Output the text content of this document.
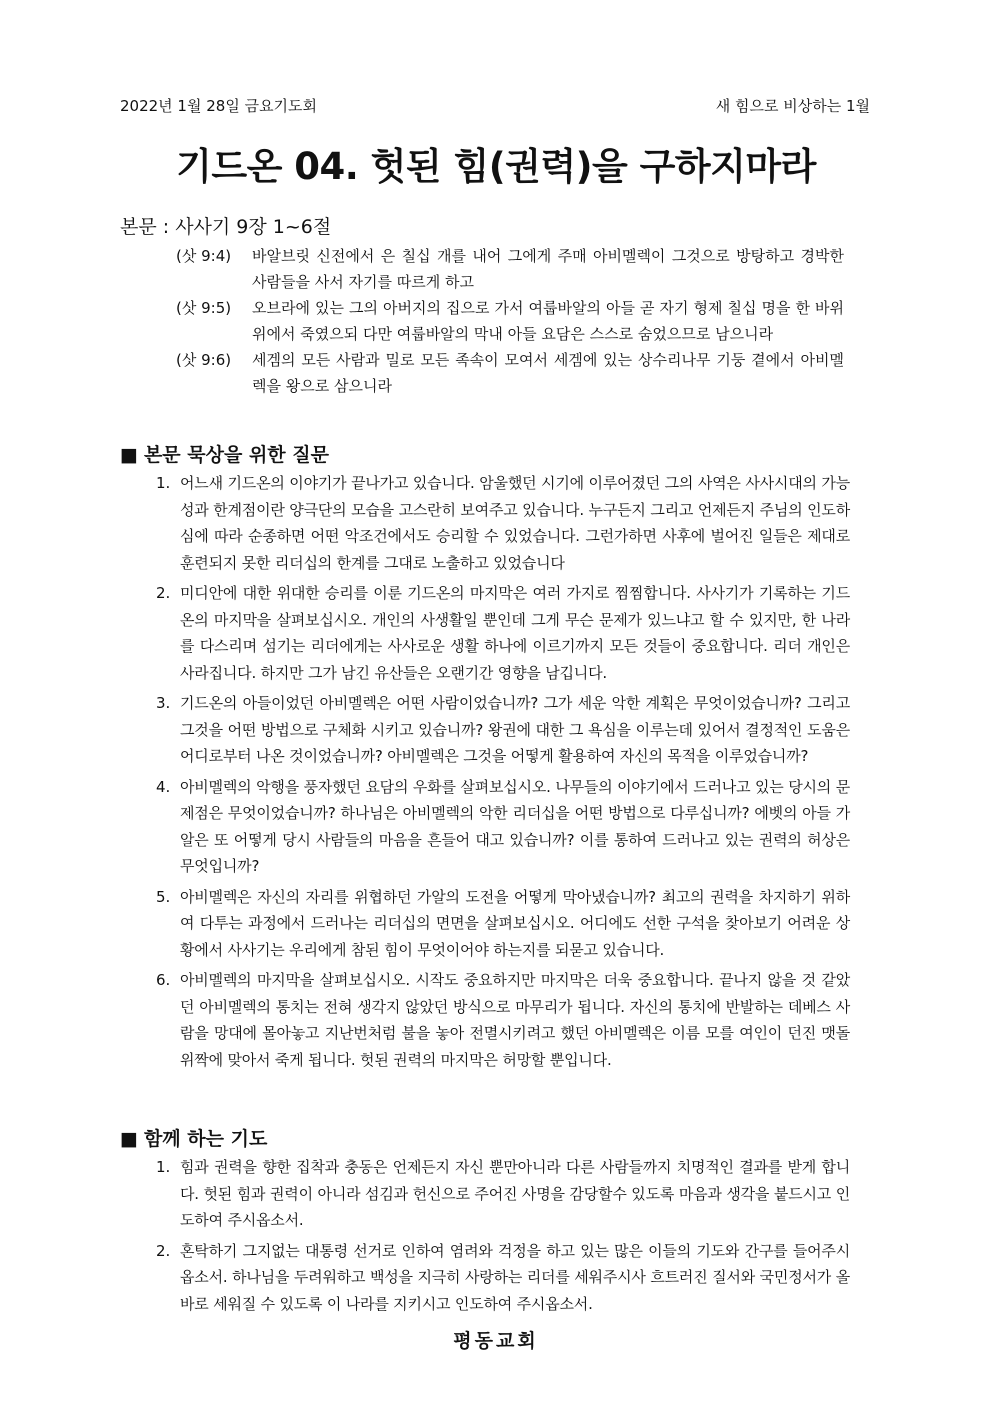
2022년 1월 28일 금요기도회	새 힘으로 비상하는 1월
기드온 04. 헛된 힘(권력)을 구하지마라
본문 : 사사기 9장 1~6절
(삿 9:4)	바알브릿 신전에서 은 칠십 개를 내어 그에게 주매 아비멜렉이 그것으로 방탕하고 경박한 사람들을 사서 자기를 따르게 하고
(삿 9:5)	오브라에 있는 그의 아버지의 집으로 가서 여룹바알의 아들 곧 자기 형제 칠십 명을 한 바위 위에서 죽였으되 다만 여룹바알의 막내 아들 요담은 스스로 숨었으므로 남으니라
(삿 9:6)	세겜의 모든 사람과 밀로 모든 족속이 모여서 세겜에 있는 상수리나무 기둥 곁에서 아비멜렉을 왕으로 삼으니라
■ 본문 묵상을 위한 질문
1. 어느새 기드온의 이야기가 끝나가고 있습니다. 암울했던 시기에 이루어졌던 그의 사역은 사사시대의 가능성과 한계점이란 양극단의 모습을 고스란히 보여주고 있습니다. 누구든지 그리고 언제든지 주님의 인도하심에 따라 순종하면 어떤 악조건에서도 승리할 수 있었습니다. 그런가하면 사후에 벌어진 일들은 제대로 훈련되지 못한 리더십의 한계를 그대로 노출하고 있었습니다
2. 미디안에 대한 위대한 승리를 이룬 기드온의 마지막은 여러 가지로 찜찜합니다. 사사기가 기록하는 기드온의 마지막을 살펴보십시오. 개인의 사생활일 뿐인데 그게 무슨 문제가 있느냐고 할 수 있지만, 한 나라를 다스리며 섬기는 리더에게는 사사로운 생활 하나에 이르기까지 모든 것들이 중요합니다. 리더 개인은 사라집니다. 하지만 그가 남긴 유산들은 오랜기간 영향을 남깁니다.
3. 기드온의 아들이었던 아비멜렉은 어떤 사람이었습니까? 그가 세운 악한 계획은 무엇이었습니까? 그리고 그것을 어떤 방법으로 구체화 시키고 있습니까? 왕권에 대한 그 욕심을 이루는데 있어서 결정적인 도움은 어디로부터 나온 것이었습니까? 아비멜렉은 그것을 어떻게 활용하여 자신의 목적을 이루었습니까?
4. 아비멜렉의 악행을 풍자했던 요담의 우화를 살펴보십시오. 나무들의 이야기에서 드러나고 있는 당시의 문제점은 무엇이었습니까? 하나님은 아비멜렉의 악한 리더십을 어떤 방법으로 다루십니까? 에벳의 아들 가알은 또 어떻게 당시 사람들의 마음을 흔들어 대고 있습니까? 이를 통하여 드러나고 있는 권력의 허상은 무엇입니까?
5. 아비멜렉은 자신의 자리를 위협하던 가알의 도전을 어떻게 막아냈습니까? 최고의 권력을 차지하기 위하여 다투는 과정에서 드러나는 리더십의 면면을 살펴보십시오. 어디에도 선한 구석을 찾아보기 어려운 상황에서 사사기는 우리에게 참된 힘이 무엇이어야 하는지를 되묻고 있습니다.
6. 아비멜렉의 마지막을 살펴보십시오. 시작도 중요하지만 마지막은 더욱 중요합니다. 끝나지 않을 것 같았던 아비멜렉의 통치는 전혀 생각지 않았던 방식으로 마무리가 됩니다. 자신의 통치에 반발하는 데베스 사람을 망대에 몰아놓고 지난번처럼 불을 놓아 전멸시키려고 했던 아비멜렉은 이름 모를 여인이 던진 맷돌 위짝에 맞아서 죽게 됩니다. 헛된 권력의 마지막은 허망할 뿐입니다.
■ 함께 하는 기도
1. 힘과 권력을 향한 집착과 충동은 언제든지 자신 뿐만아니라 다른 사람들까지 치명적인 결과를 받게 합니다. 헛된 힘과 권력이 아니라 섬김과 헌신으로 주어진 사명을 감당할수 있도록 마음과 생각을 붙드시고 인도하여 주시옵소서.
2. 혼탁하기 그지없는 대통령 선거로 인하여 염려와 걱정을 하고 있는 많은 이들의 기도와 간구를 들어주시옵소서. 하나님을 두려워하고 백성을 지극히 사랑하는 리더를 세워주시사 흐트러진 질서와 국민정서가 올바로 세워질 수 있도록 이 나라를 지키시고 인도하여 주시옵소서.
평동교회
